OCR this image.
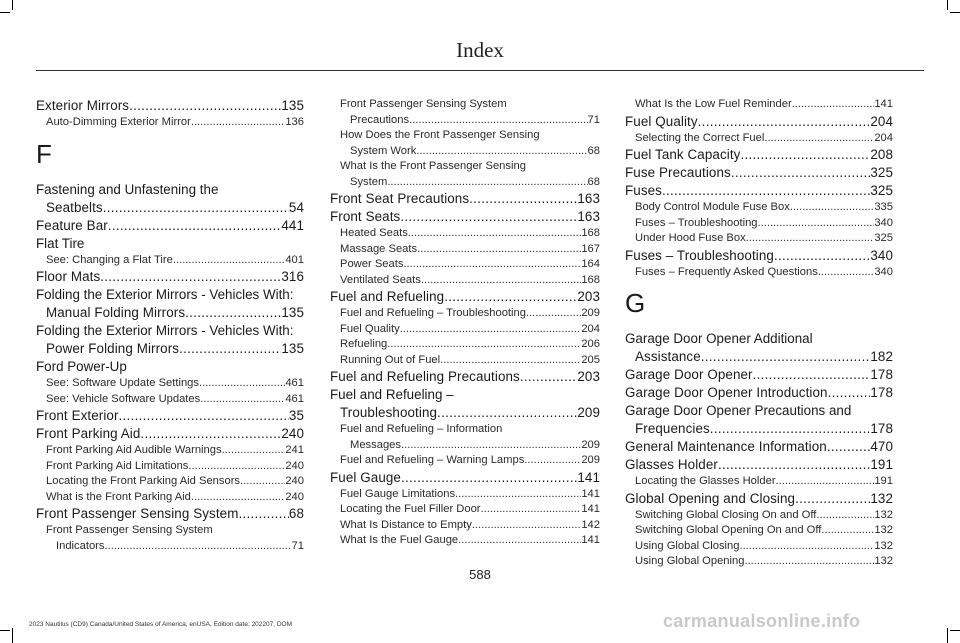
Index
Exterior Mirrors .....	135
Auto-Dimming Exterior Mirror .....	136
F
Fastening and Unfastening the
Seatbelts .....	54
Feature Bar .....	441
Flat Tire
See: Changing a Flat Tire .....	401
Floor Mats .....	316
Folding the Exterior Mirrors - Vehicles With:
Manual Folding Mirrors .....	135
Folding the Exterior Mirrors - Vehicles With:
Power Folding Mirrors .....	135
Ford Power-Up
See: Software Update Settings .....	461
See: Vehicle Software Updates .....	461
Front Exterior .....	35
Front Parking Aid .....	240
Front Parking Aid Audible Warnings .....	241
Front Parking Aid Limitations .....	240
Locating the Front Parking Aid Sensors .....	240
What is the Front Parking Aid .....	240
Front Passenger Sensing System .....	68
Front Passenger Sensing System
Indicators .....	71
Front Passenger Sensing System
Precautions .....	71
How Does the Front Passenger Sensing
System Work .....	68
What Is the Front Passenger Sensing
System .....	68
Front Seat Precautions .....	163
Front Seats .....	163
Heated Seats .....	168
Massage Seats .....	167
Power Seats .....	164
Ventilated Seats .....	168
Fuel and Refueling .....	203
Fuel and Refueling – Troubleshooting .....	209
Fuel Quality .....	204
Refueling .....	206
Running Out of Fuel .....	205
Fuel and Refueling Precautions .....	203
Fuel and Refueling –
Troubleshooting .....	209
Fuel and Refueling – Information
Messages .....	209
Fuel and Refueling – Warning Lamps .....	209
Fuel Gauge .....	141
Fuel Gauge Limitations .....	141
Locating the Fuel Filler Door .....	141
What Is Distance to Empty .....	142
What Is the Fuel Gauge .....	141
What Is the Low Fuel Reminder .....	141
Fuel Quality .....	204
Selecting the Correct Fuel .....	204
Fuel Tank Capacity .....	208
Fuse Precautions .....	325
Fuses .....	325
Body Control Module Fuse Box .....	335
Fuses – Troubleshooting .....	340
Under Hood Fuse Box .....	325
Fuses – Troubleshooting .....	340
Fuses – Frequently Asked Questions .....	340
G
Garage Door Opener Additional
Assistance .....	182
Garage Door Opener .....	178
Garage Door Opener Introduction .....	178
Garage Door Opener Precautions and
Frequencies .....	178
General Maintenance Information .....	470
Glasses Holder .....	191
Locating the Glasses Holder .....	191
Global Opening and Closing .....	132
Switching Global Closing On and Off .....	132
Switching Global Opening On and Off .....	132
Using Global Closing .....	132
Using Global Opening .....	132
588
2023 Nautilus (CD9) Canada/United States of America, enUSA, Edition date: 202207, DOM	carmanualsonline.info
